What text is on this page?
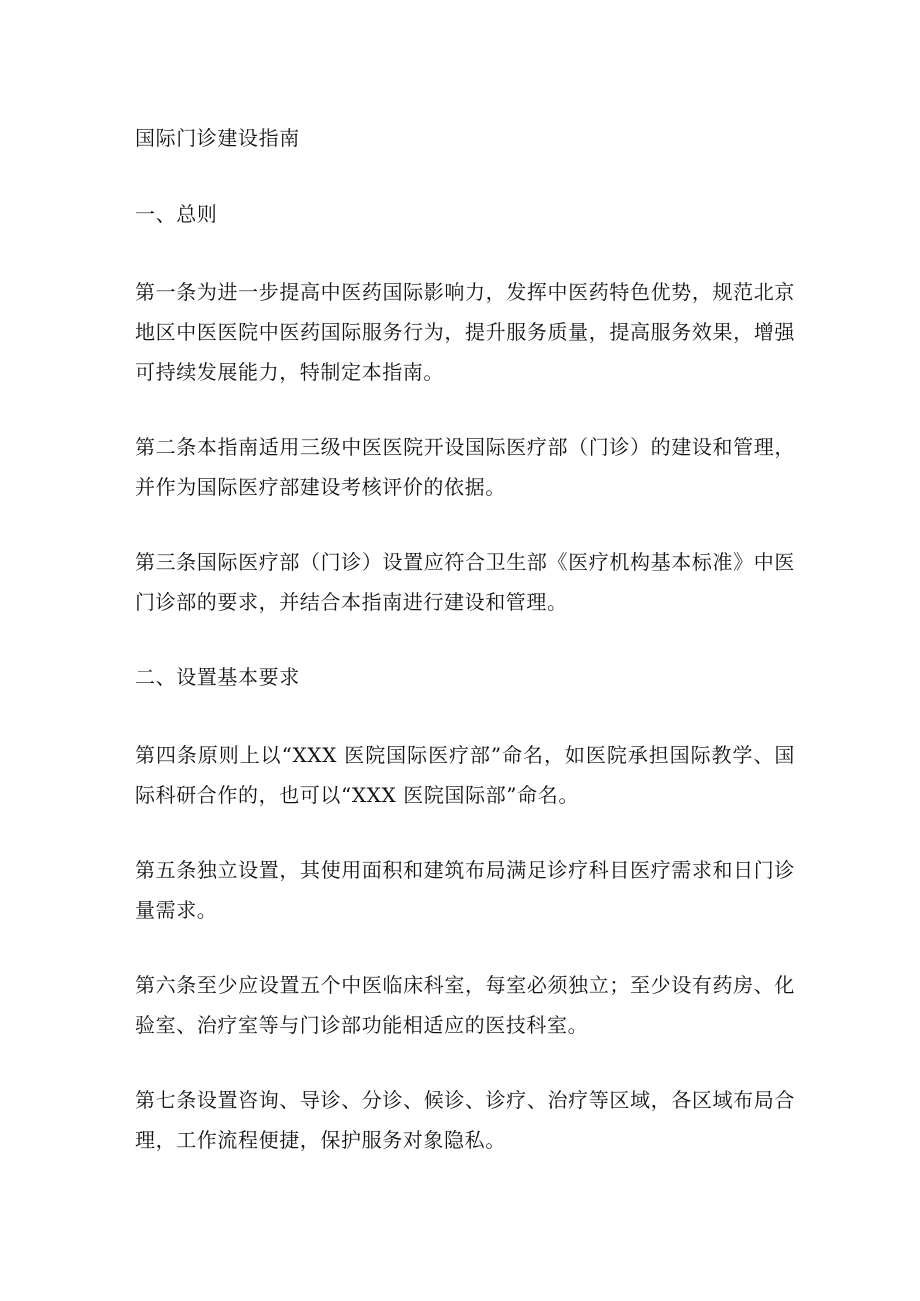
国际门诊建设指南

一、总则

第一条为进一步提高中医药国际影响力，发挥中医药特色优势，规范北京地区中医医院中医药国际服务行为，提升服务质量，提高服务效果，增强可持续发展能力，特制定本指南。

第二条本指南适用三级中医医院开设国际医疗部（门诊）的建设和管理，并作为国际医疗部建设考核评价的依据。

第三条国际医疗部（门诊）设置应符合卫生部《医疗机构基本标准》中医门诊部的要求，并结合本指南进行建设和管理。

二、设置基本要求

第四条原则上以“XXX 医院国际医疗部”命名，如医院承担国际教学、国际科研合作的，也可以“XXX 医院国际部”命名。

第五条独立设置，其使用面积和建筑布局满足诊疗科目医疗需求和日门诊量需求。

第六条至少应设置五个中医临床科室，每室必须独立；至少设有药房、化验室、治疗室等与门诊部功能相适应的医技科室。

第七条设置咨询、导诊、分诊、候诊、诊疗、治疗等区域，各区域布局合理，工作流程便捷，保护服务对象隐私。
